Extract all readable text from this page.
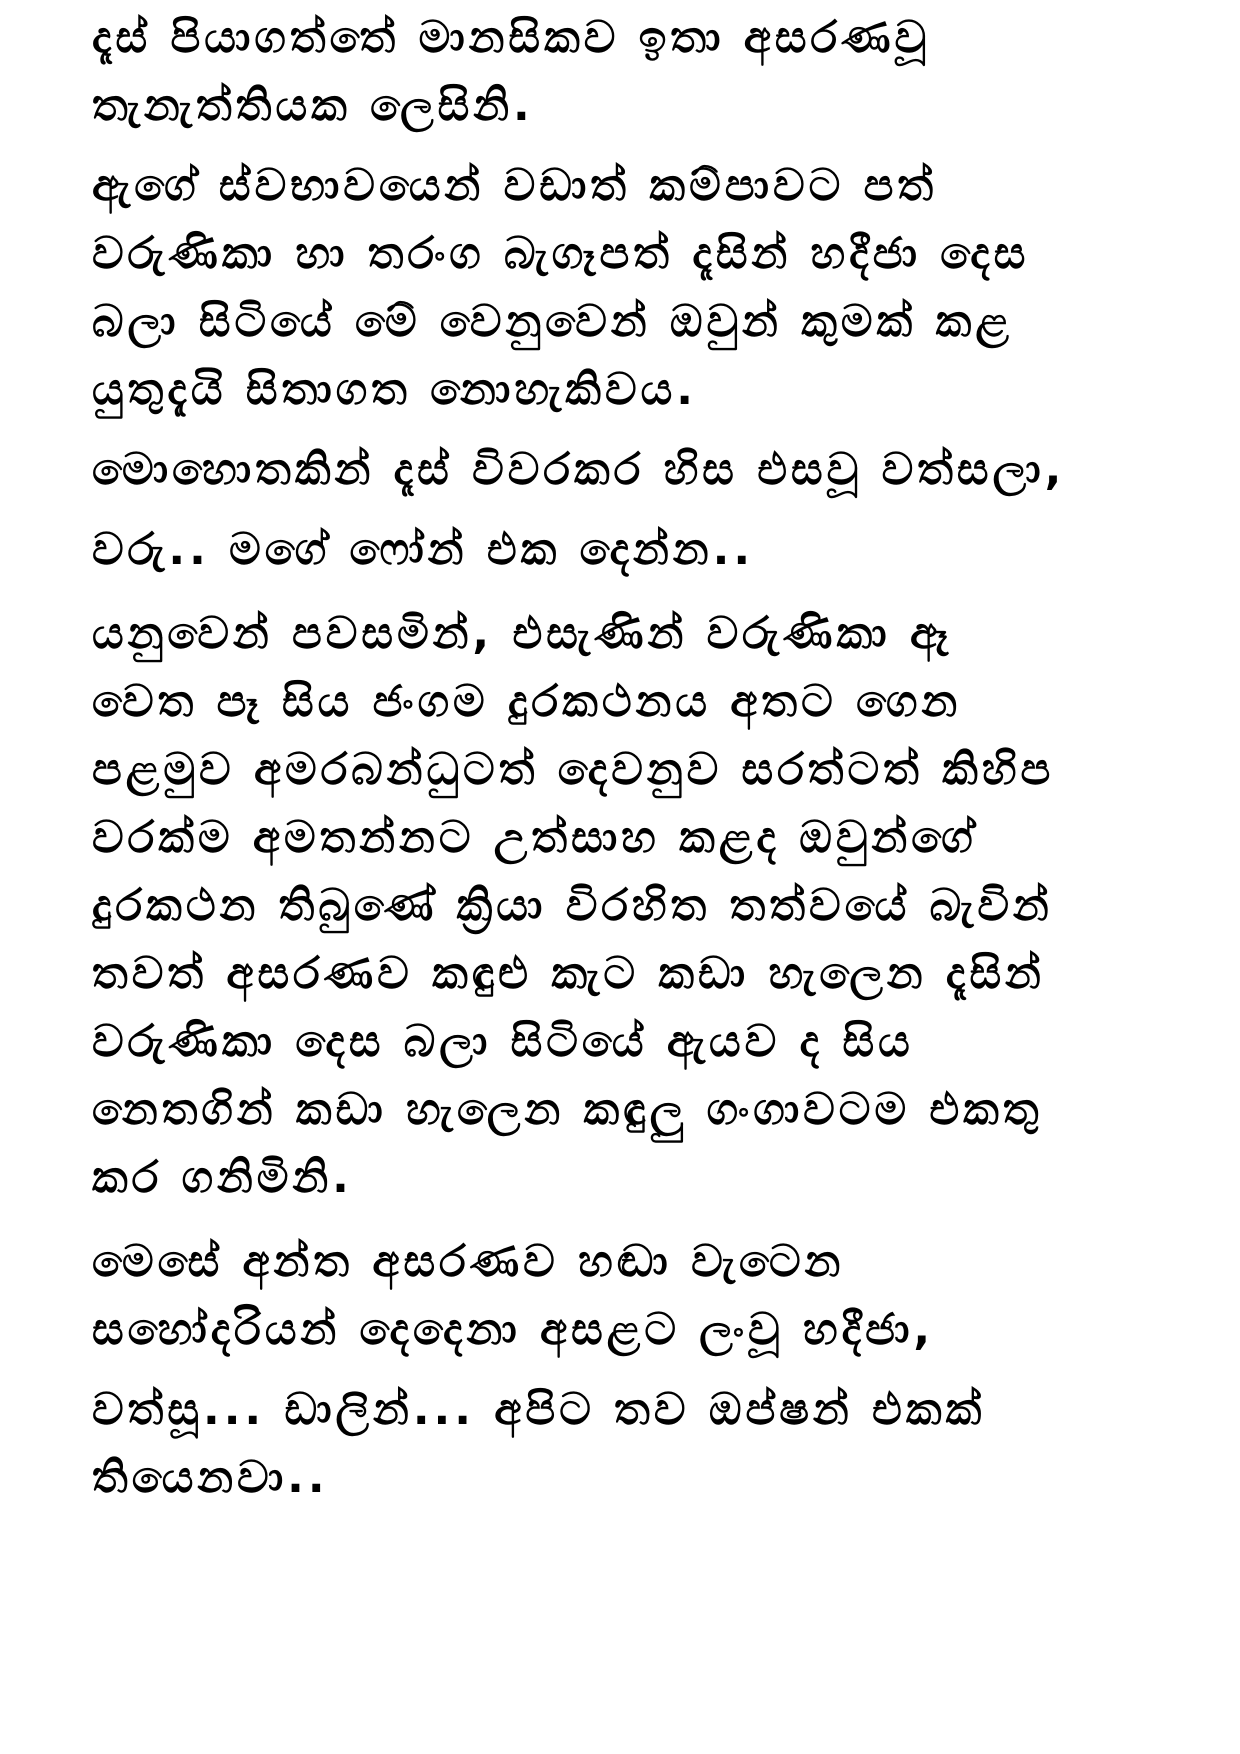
දෑස් පියාගත්තේ මානසිකව ඉතා අසරණවූ
තැනැත්තියක ලෙසිනි.
ඇගේ ස්වභාවයෙන් වඩාත් කම්පාවට පත්
වරුණිකා හා තරංග බැගෑපත් දෑසින් හදීජා දෙස
බලා සිටියේ මේ වෙනුවෙන් ඔවුන් කුමක් කළ
යුතුදැයි සිතාගත නොහැකිවය.
මොහොතකින් දෑස් විවරකර හිස එසවූ වත්සලා,
වරු.. මගේ ෆෝන් එක දෙන්න..
යනුවෙන් පවසමින්, එසැණින් වරුණිකා ඈ
වෙත පෑ සිය ජංගම දුරකථනය අතට ගෙන
පළමුව අමරබන්ධුටත් දෙවනුව සරත්ටත් කිහිප
වරක්ම අමතන්නට උත්සාහ කළද ඔවුන්ගේ
දුරකථන තිබුණේ ක්‍රියා විරහිත තත්වයේ බැවින්
තවත් අසරණව කඳුළු කැට කඩා හැලෙන දෑසින්
වරුණිකා දෙස බලා සිටියේ ඇයව ද සිය
නෙතගින් කඩා හැලෙන කඳුලු ගංගාවටම එකතු
කර ගනිමිනි.
මෙසේ අන්ත අසරණව හඬා වැටෙන
සහෝදරියන් දෙදෙනා අසළට ලංවූ හදීජා,
වත්සූ... ඩාලින්... අපිට තව ඔප්ෂන් එකක්
තියෙනවා..
